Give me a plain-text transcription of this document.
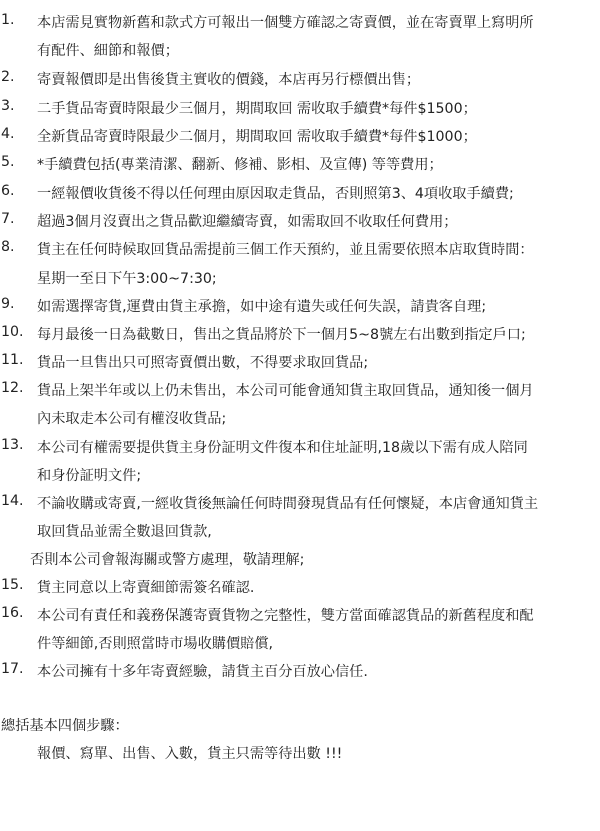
1. 本店需見實物新舊和款式方可報出一個雙方確認之寄賣價，並在寄賣單上寫明所
有配件、細節和報價；
2. 寄賣報價即是出售後貨主實收的價錢，本店再另行標價出售；
3. 二手貨品寄賣時限最少三個月，期間取回 需收取手續費*每件$1500；
4. 全新貨品寄賣時限最少二個月，期間取回 需收取手續費*每件$1000；
5. *手續費包括(專業清潔、翻新、修補、影相、及宣傳) 等等費用；
6. 一經報價收貨後不得以任何理由原因取走貨品，否則照第3、4項收取手續費;
7. 超過3個月沒賣出之貨品歡迎繼續寄賣，如需取回不收取任何費用；
8. 貨主在任何時候取回貨品需提前三個工作天預約，並且需要依照本店取貨時間：
星期一至日下午3:00~7:30;
9. 如需選擇寄貨,運費由貨主承擔，如中途有遺失或任何失誤，請貴客自理;
10. 每月最後一日為截數日，售出之貨品將於下一個月5~8號左右出數到指定戶口;
11. 貨品一旦售出只可照寄賣價出數，不得要求取回貨品;
12. 貨品上架半年或以上仍未售出，本公司可能會通知貨主取回貨品，通知後一個月
內未取走本公司有權沒收貨品;
13. 本公司有權需要提供貨主身份証明文件復本和住址証明,18歲以下需有成人陪同
和身份証明文件;
14. 不論收購或寄賣,一經收貨後無論任何時間發現貨品有任何懷疑，本店會通知貨主
取回貨品並需全數退回貨款,
否則本公司會報海關或警方處理，敬請理解;
15. 貨主同意以上寄賣細節需簽名確認.
16. 本公司有責任和義務保護寄賣貨物之完整性，雙方當面確認貨品的新舊程度和配
件等細節,否則照當時市場收購價賠償,
17. 本公司擁有十多年寄賣經驗，請貨主百分百放心信任.
總括基本四個步驟：
報價、寫單、出售、入數，貨主只需等待出數 !!!
